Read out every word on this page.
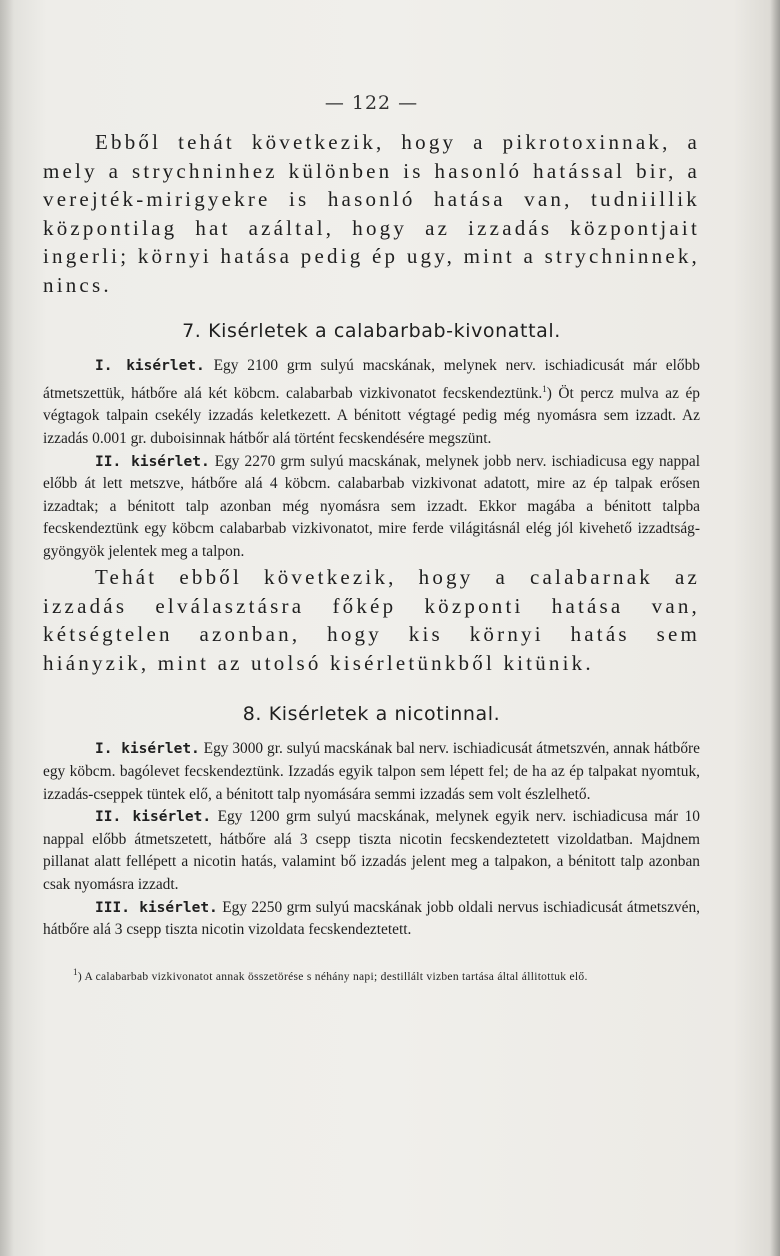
— 122 —

Ebből tehát következik, hogy a pikrotoxinnak, a mely a strychninhez különben is hasonló hatással bir, a verejték-mirigyekre is hasonló hatása van, tudniillik központilag hat azáltal, hogy az izzadás központjait ingerli; környi hatása pedig ép ugy, mint a strychninnek, nincs.

7. Kisérletek a calabarbab-kivonattal.

I. kisérlet. Egy 2100 grm sulyú macskának, melynek nerv. ischiadicusát már előbb átmetszettük, hátbőre alá két köbcm. calabarbab vizkivonatot fecskendeztünk.$^1$) Öt percz mulva az ép végtagok talpain csekély izzadás keletkezett. A bénitott végtagé pedig még nyomásra sem izzadt. Az izzadás 0.001 gr. duboisinnak hátbőr alá történt fecskendésére megszünt.

II. kisérlet. Egy 2270 grm sulyú macskának, melynek jobb nerv. ischiadicusa egy nappal előbb át lett metszve, hátbőre alá 4 köbcm. calabarbab vizkivonat adatott, mire az ép talpak erősen izzadtak; a bénitott talp azonban még nyomásra sem izzadt. Ekkor magába a bénitott talpba fecskendeztünk egy köbcm calabarbab vizkivonatot, mire ferde világitásnál elég jól kivehető izzadtság-gyöngyök jelentek meg a talpon.

Tehát ebből következik, hogy a calabarnak az izzadás elválasztásra főkép központi hatása van, kétségtelen azonban, hogy kis környi hatás sem hiányzik, mint az utolsó kisérletünkből kitünik.

8. Kisérletek a nicotinnal.

I. kisérlet. Egy 3000 gr. sulyú macskának bal nerv. ischiadicusát átmetszvén, annak hátbőre egy köbcm. bagólevet fecskendeztünk. Izzadás egyik talpon sem lépett fel; de ha az ép talpakat nyomtuk, izzadás-cseppek tüntek elő, a bénitott talp nyomására semmi izzadás sem volt észlelhető.

II. kisérlet. Egy 1200 grm sulyú macskának, melynek egyik nerv. ischiadicusa már 10 nappal előbb átmetszetett, hátbőre alá 3 csepp tiszta nicotin fecskendeztetett vizoldatban. Majdnem pillanat alatt fellépett a nicotin hatás, valamint bő izzadás jelent meg a talpakon, a bénitott talp azonban csak nyomásra izzadt.

III. kisérlet. Egy 2250 grm sulyú macskának jobb oldali nervus ischiadicusát átmetszvén, hátbőre alá 3 csepp tiszta nicotin vizoldata fecskendeztetett.

$^1$) A calabarbab vizkivonatot annak összetörése s néhány napi; destillált vizben tartása által állitottuk elő.
